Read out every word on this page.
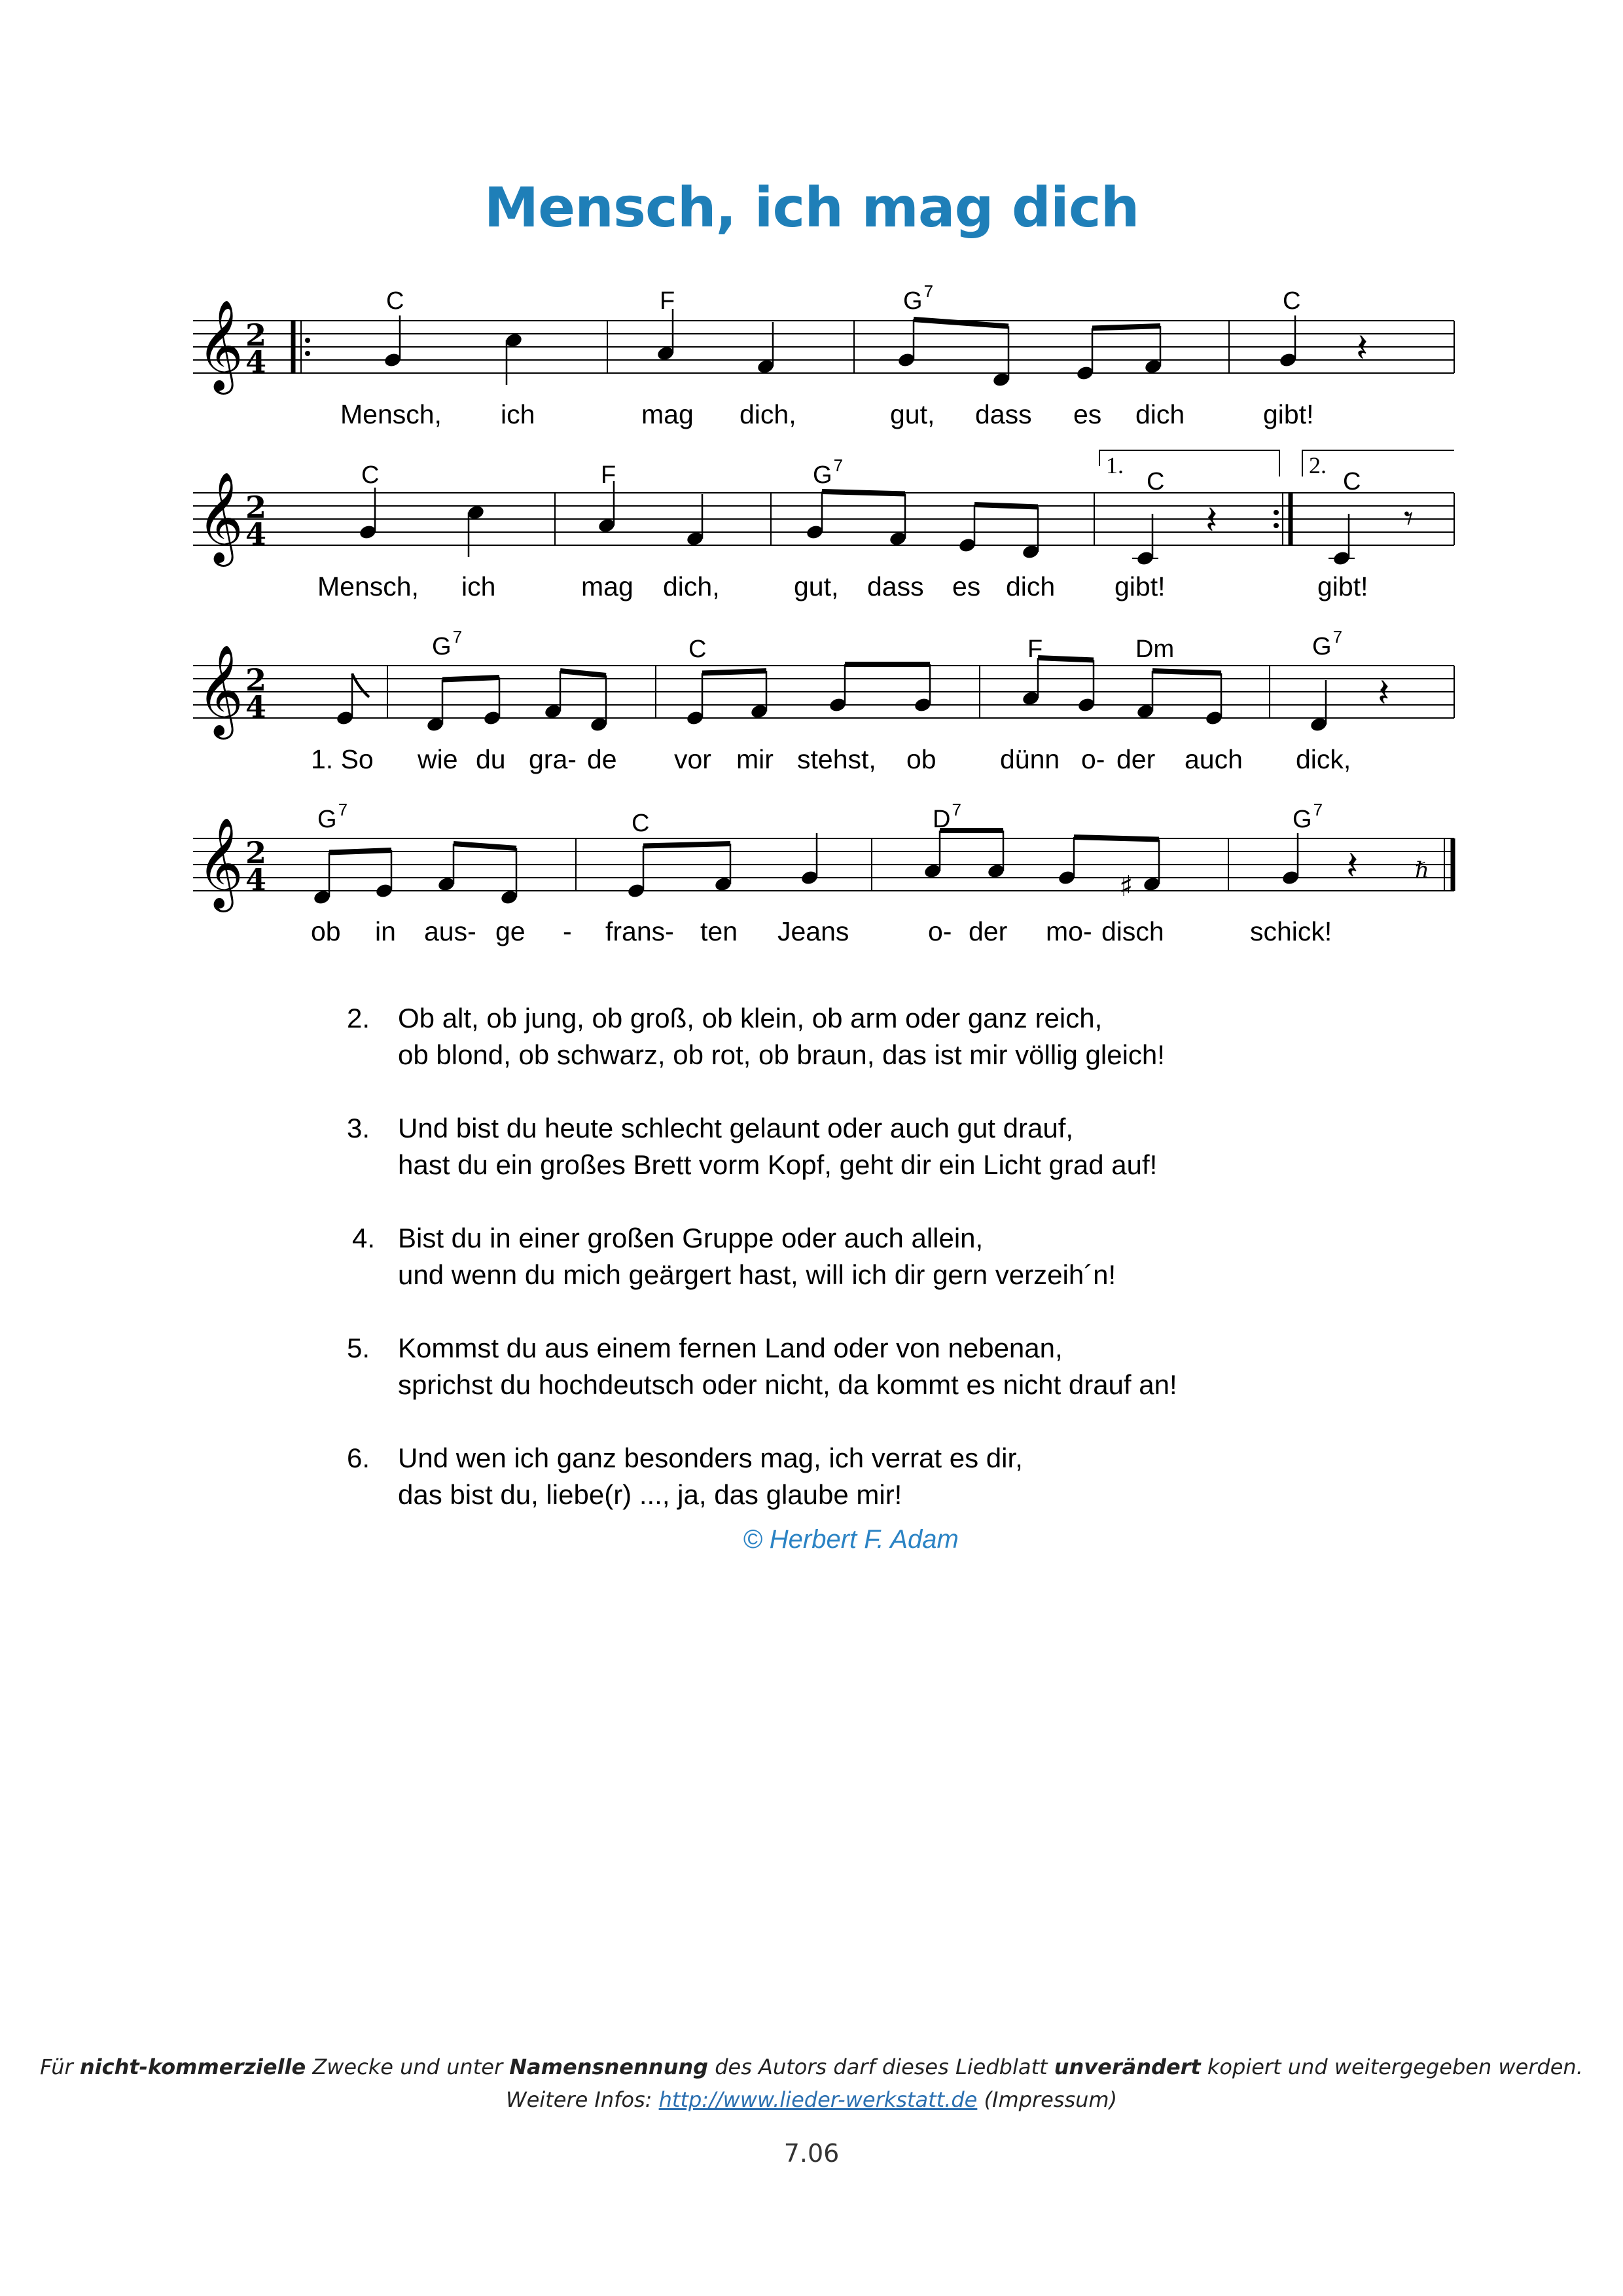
Mensch, ich mag dich
𝄞 2
4	𝄽
𝄞 2
4	𝄽	𝄾
𝄞 2
4	𝄽
𝄞 2
4	♯	𝄽	ℏ
C	F	$G^7$	C
Mensch, ich	mag dich,	gut, dass es dich	gibt!
1.	2.
C	F	$G^7$
C	C
Mensch, ich	mag dich,	gut, dass es dich gibt!	gibt!
$G^7$	C	F	Dm	$G^7$
1. So wie du gra- de vor mir stehst, ob dünn o- der auch dick,
$G^7$	C	$D^7$	$G^7$
ob in aus- ge - frans- ten Jeans	o- der mo- disch	schick!
2. Ob alt, ob jung, ob groß, ob klein, ob arm oder ganz reich,
ob blond, ob schwarz, ob rot, ob braun, das ist mir völlig gleich!
3. Und bist du heute schlecht gelaunt oder auch gut drauf,
hast du ein großes Brett vorm Kopf, geht dir ein Licht grad auf!
4. Bist du in einer großen Gruppe oder auch allein,
und wenn du mich geärgert hast, will ich dir gern verzeih´n!
5. Kommst du aus einem fernen Land oder von nebenan,
sprichst du hochdeutsch oder nicht, da kommt es nicht drauf an!
6. Und wen ich ganz besonders mag, ich verrat es dir,
das bist du, liebe(r) ..., ja, das glaube mir!
© Herbert F. Adam
Für nicht-kommerzielle Zwecke und unter Namensnennung des Autors darf dieses Liedblatt unverändert kopiert und weitergegeben werden.
Weitere Infos: http://www.lieder-werkstatt.de (Impressum)
7.06
